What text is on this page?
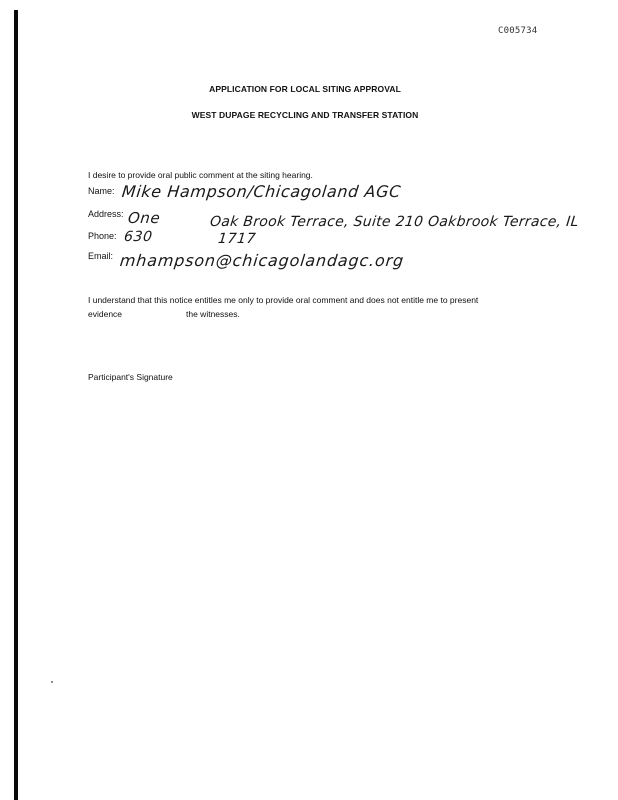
C005734
APPLICATION FOR LOCAL SITING APPROVAL
WEST DUPAGE RECYCLING AND TRANSFER STATION
I desire to provide oral public comment at the siting hearing.
Name: Mike Hampson/Chicagoland AGC
Address: One	Oak Brook Terrace, Suite 210 Oakbrook Terrace, IL
Phone: 630	1717
Email: mhampson@chicagolandagc.org
I understand that this notice entitles me only to provide oral comment and does not entitle me to present
evidence	the witnesses.
Participant's Signature
